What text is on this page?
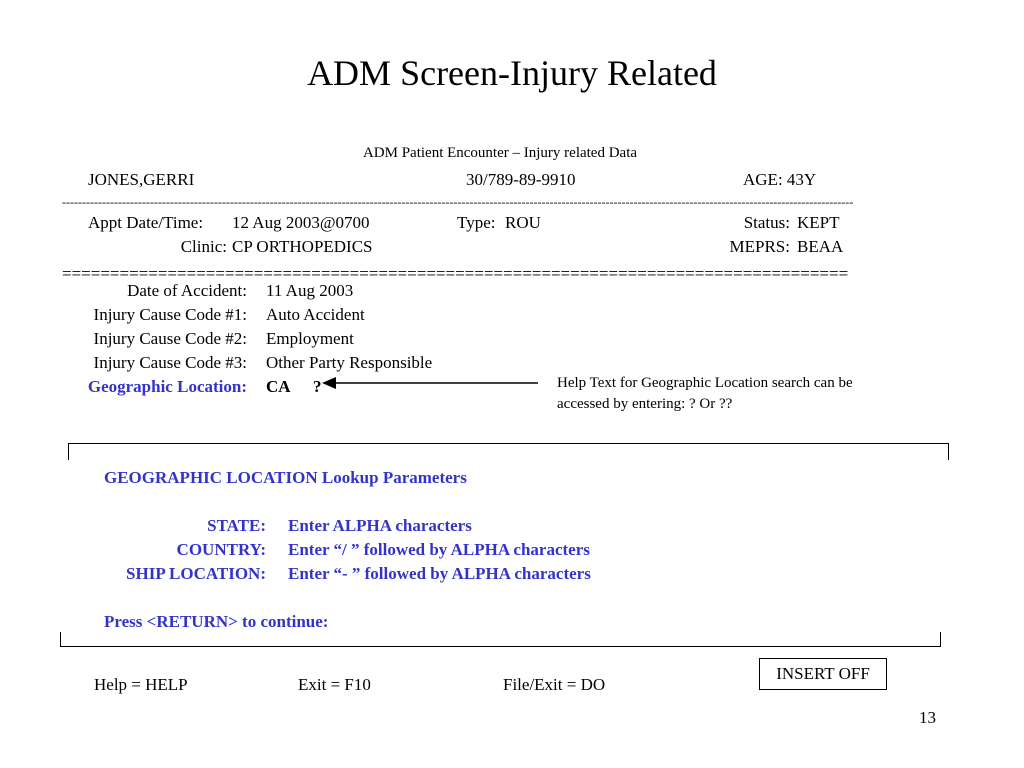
ADM Screen-Injury Related
ADM Patient Encounter – Injury related Data
JONES,GERRI	30/789-89-9910	AGE: 43Y
------------------------------------------------------------------------------------------------------------------------------------------------------------------------------------------------------
Appt Date/Time: 12 Aug 2003@0700	Type: ROU	Status: KEPT
Clinic: CP ORTHOPEDICS	MEPRS: BEAA
==================================================================================
Date of Accident: 11 Aug 2003
Injury Cause Code #1: Auto Accident
Injury Cause Code #2: Employment
Injury Cause Code #3: Other Party Responsible
Geographic Location: CA ?	Help Text for Geographic Location search can be
accessed by entering: ? Or ??
GEOGRAPHIC LOCATION Lookup Parameters
STATE: Enter ALPHA characters
COUNTRY: Enter “/ ” followed by ALPHA characters
SHIP LOCATION: Enter “- ” followed by ALPHA characters
Press <RETURN> to continue:
Help = HELP	Exit = F10	File/Exit = DO
INSERT OFF
13
